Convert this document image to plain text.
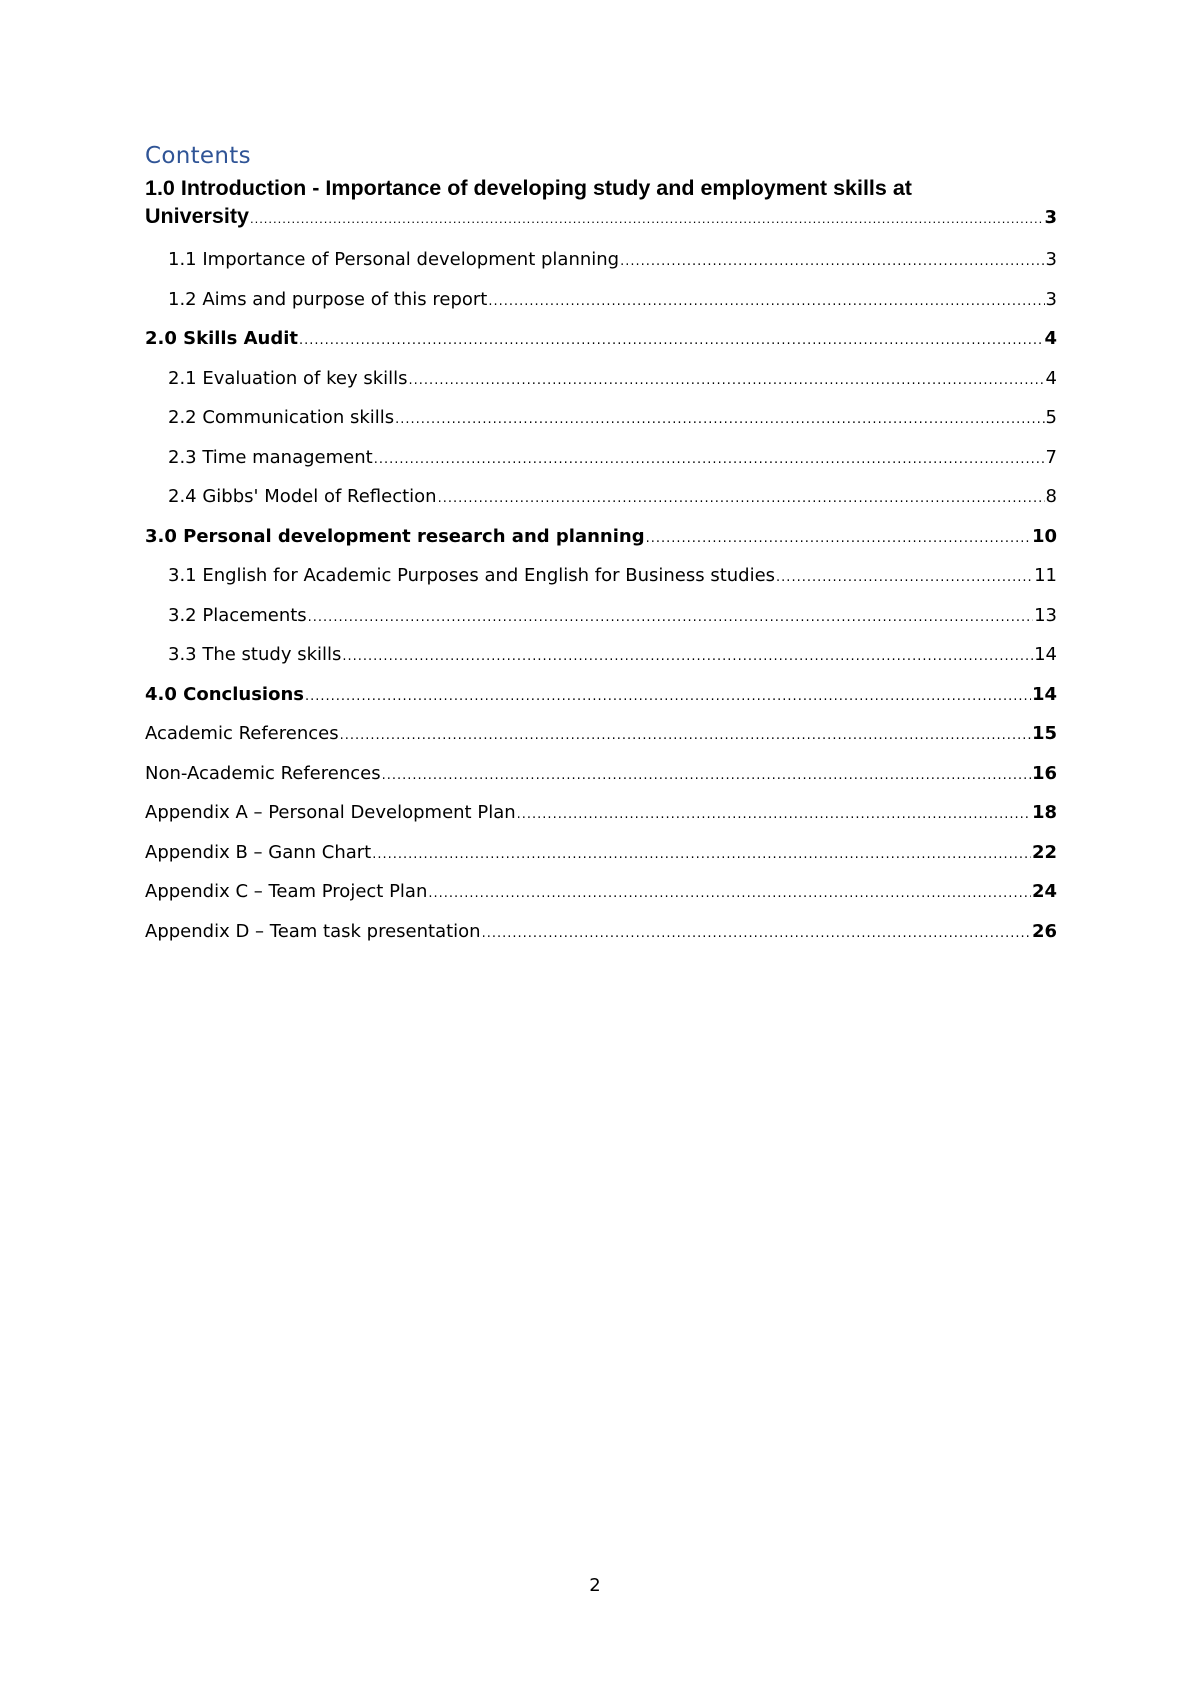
Contents
1.0 Introduction - Importance of developing study and employment skills at
University .....	3
1.1 Importance of Personal development planning .....	3
1.2 Aims and purpose of this report .....	3
2.0 Skills Audit .....	4
2.1 Evaluation of key skills .....	4
2.2 Communication skills .....	5
2.3 Time management .....	7
2.4 Gibbs' Model of Reflection .....	8
3.0 Personal development research and planning .....	10
3.1 English for Academic Purposes and English for Business studies .....	11
3.2 Placements .....	13
3.3 The study skills .....	14
4.0 Conclusions .....	14
Academic References .....	15
Non-Academic References .....	16
Appendix A – Personal Development Plan .....	18
Appendix B – Gann Chart .....	22
Appendix C – Team Project Plan .....	24
Appendix D – Team task presentation .....	26
2
